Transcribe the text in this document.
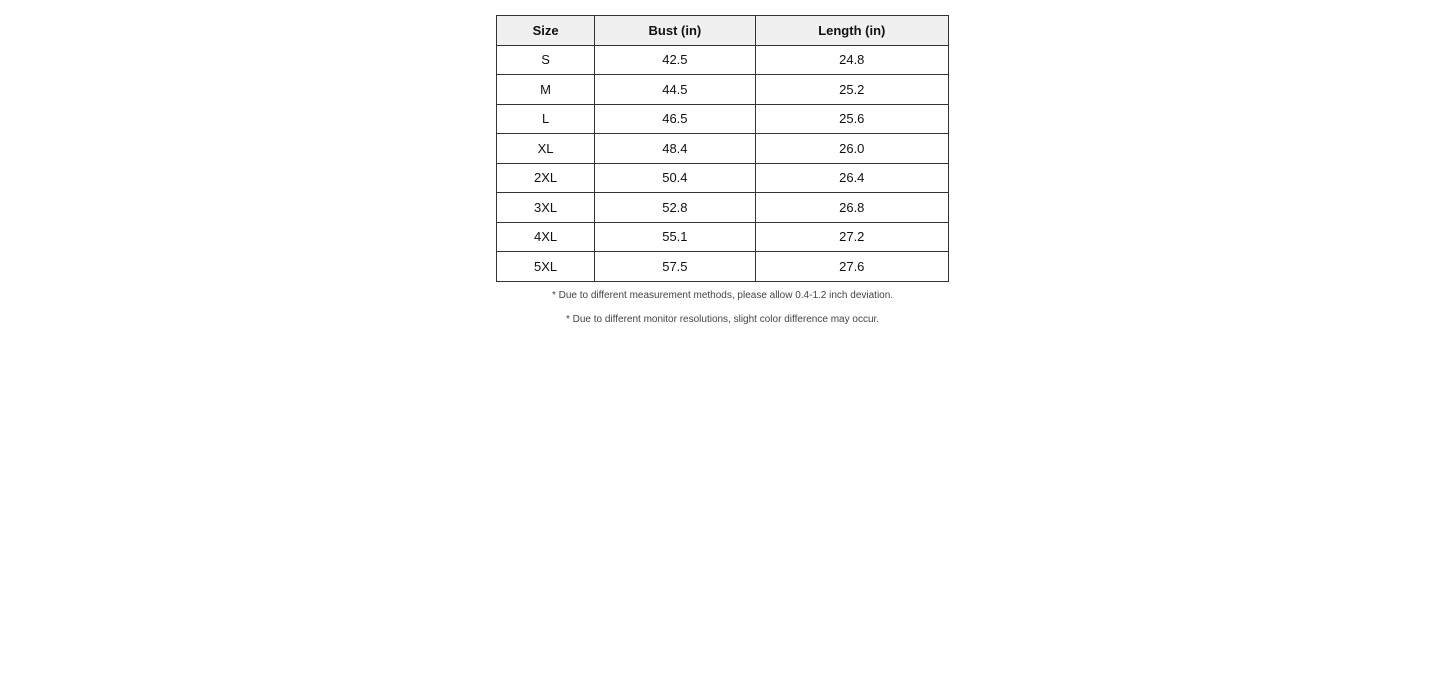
Size	Bust (in)	Length (in)
S	42.5	24.8
M	44.5	25.2
L	46.5	25.6
XL	48.4	26.0
2XL	50.4	26.4
3XL	52.8	26.8
4XL	55.1	27.2
5XL	57.5	27.6
* Due to different measurement methods, please allow 0.4-1.2 inch deviation.
* Due to different monitor resolutions, slight color difference may occur.
